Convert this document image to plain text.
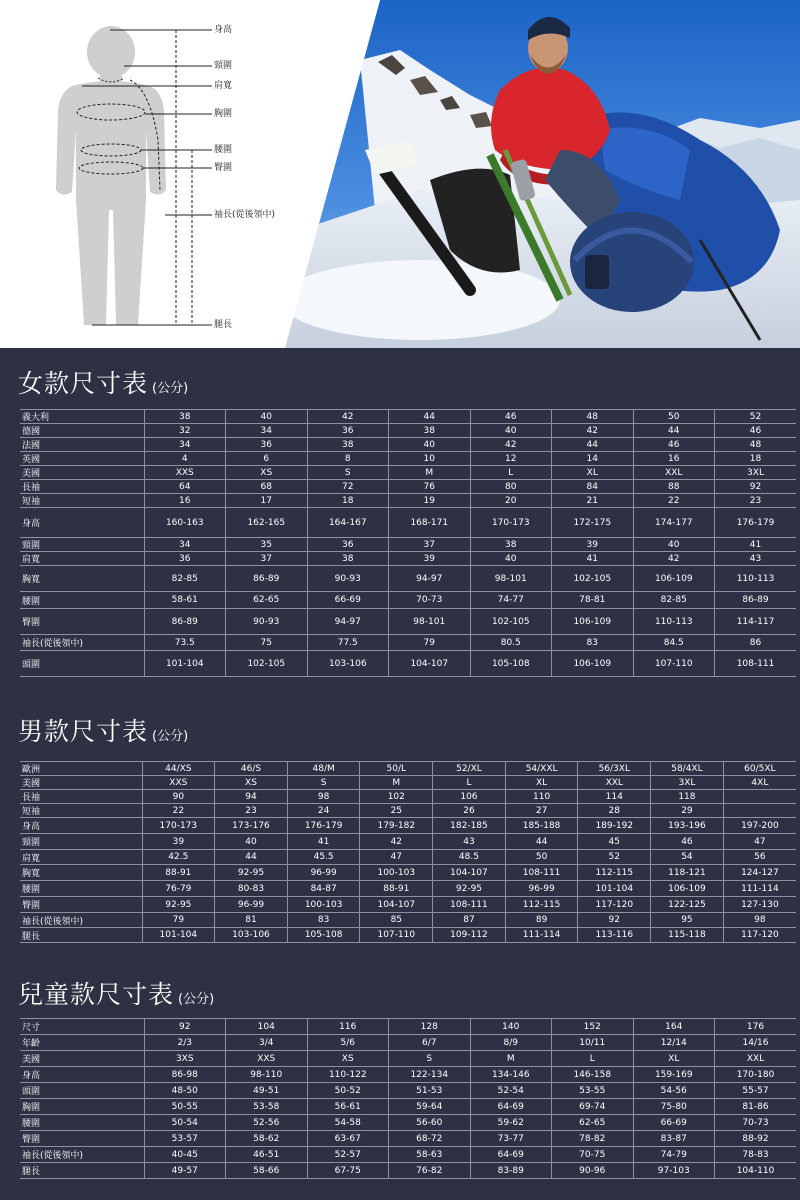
身高
頸圍
肩寬
胸圍
腰圍
臀圍
袖長(從後領中)
腿長
女款尺寸表 (公分)
義大利	38	40	42	44	46	48	50	52
德國	32	34	36	38	40	42	44	46
法國	34	36	38	40	42	44	46	48
英國	4	6	8	10	12	14	16	18
美國	XXS	XS	S	M	L	XL	XXL	3XL
長袖	64	68	72	76	80	84	88	92
短袖	16	17	18	19	20	21	22	23
身高	160-163	162-165	164-167	168-171	170-173	172-175	174-177	176-179
頸圍	34	35	36	37	38	39	40	41
肩寬	36	37	38	39	40	41	42	43
胸寬	82-85	86-89	90-93	94-97	98-101	102-105	106-109	110-113
腰圍	58-61	62-65	66-69	70-73	74-77	78-81	82-85	86-89
臀圍	86-89	90-93	94-97	98-101	102-105	106-109	110-113	114-117
袖長(從後領中)	73.5	75	77.5	79	80.5	83	84.5	86
頭圍	101-104	102-105	103-106	104-107	105-108	106-109	107-110	108-111
男款尺寸表 (公分)
歐洲	44/XS	46/S	48/M	50/L	52/XL	54/XXL	56/3XL	58/4XL	60/5XL
美國	XXS	XS	S	M	L	XL	XXL	3XL	4XL
長袖	90	94	98	102	106	110	114	118	
短袖	22	23	24	25	26	27	28	29	
身高	170-173	173-176	176-179	179-182	182-185	185-188	189-192	193-196	197-200
頸圍	39	40	41	42	43	44	45	46	47
肩寬	42.5	44	45.5	47	48.5	50	52	54	56
胸寬	88-91	92-95	96-99	100-103	104-107	108-111	112-115	118-121	124-127
腰圍	76-79	80-83	84-87	88-91	92-95	96-99	101-104	106-109	111-114
臀圍	92-95	96-99	100-103	104-107	108-111	112-115	117-120	122-125	127-130
袖長(從後領中)	79	81	83	85	87	89	92	95	98
腿長	101-104	103-106	105-108	107-110	109-112	111-114	113-116	115-118	117-120
兒童款尺寸表 (公分)
尺寸	92	104	116	128	140	152	164	176
年齡	2/3	3/4	5/6	6/7	8/9	10/11	12/14	14/16
美國	3XS	XXS	XS	S	M	L	XL	XXL
身高	86-98	98-110	110-122	122-134	134-146	146-158	159-169	170-180
頭圍	48-50	49-51	50-52	51-53	52-54	53-55	54-56	55-57
胸圍	50-55	53-58	56-61	59-64	64-69	69-74	75-80	81-86
腰圍	50-54	52-56	54-58	56-60	59-62	62-65	66-69	70-73
臀圍	53-57	58-62	63-67	68-72	73-77	78-82	83-87	88-92
袖長(從後領中)	40-45	46-51	52-57	58-63	64-69	70-75	74-79	78-83
腿長	49-57	58-66	67-75	76-82	83-89	90-96	97-103	104-110
